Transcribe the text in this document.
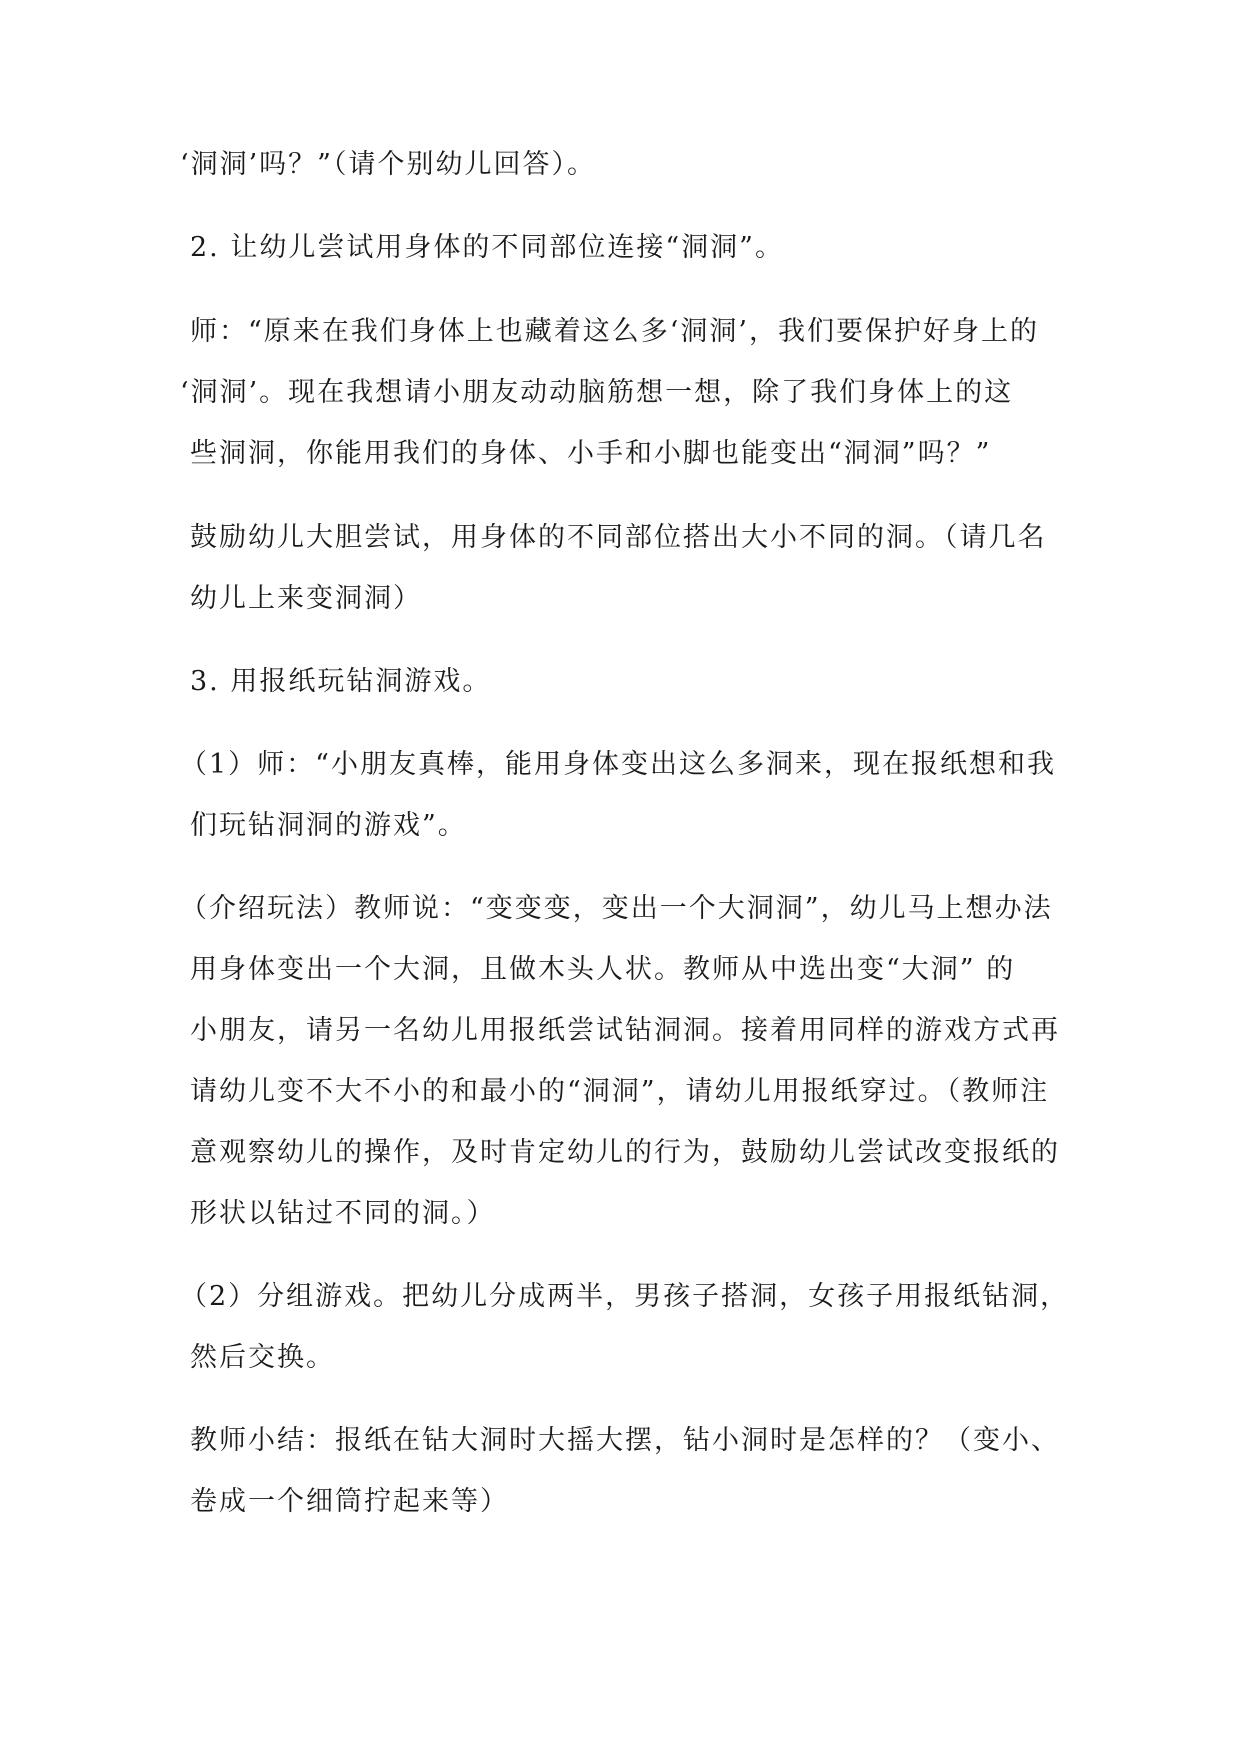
‘洞洞’吗？”（请个别幼儿回答）。
2. 让幼儿尝试用身体的不同部位连接“洞洞”。
师：“原来在我们身体上也藏着这么多‘洞洞’，我们要保护好身上的
‘洞洞’。现在我想请小朋友动动脑筋想一想，除了我们身体上的这
些洞洞，你能用我们的身体、小手和小脚也能变出“洞洞”吗？”
鼓励幼儿大胆尝试，用身体的不同部位搭出大小不同的洞。（请几名
幼儿上来变洞洞）
3. 用报纸玩钻洞游戏。
（1）师：“小朋友真棒，能用身体变出这么多洞来，现在报纸想和我
们玩钻洞洞的游戏”。
（介绍玩法）教师说：“变变变，变出一个大洞洞”，幼儿马上想办法
用身体变出一个大洞，且做木头人状。教师从中选出变“大洞” 的
小朋友，请另一名幼儿用报纸尝试钻洞洞。接着用同样的游戏方式再
请幼儿变不大不小的和最小的“洞洞”，请幼儿用报纸穿过。（教师注
意观察幼儿的操作，及时肯定幼儿的行为，鼓励幼儿尝试改变报纸的
形状以钻过不同的洞。）
（2）分组游戏。把幼儿分成两半，男孩子搭洞，女孩子用报纸钻洞，
然后交换。
教师小结：报纸在钻大洞时大摇大摆，钻小洞时是怎样的？（变小、
卷成一个细筒拧起来等）
